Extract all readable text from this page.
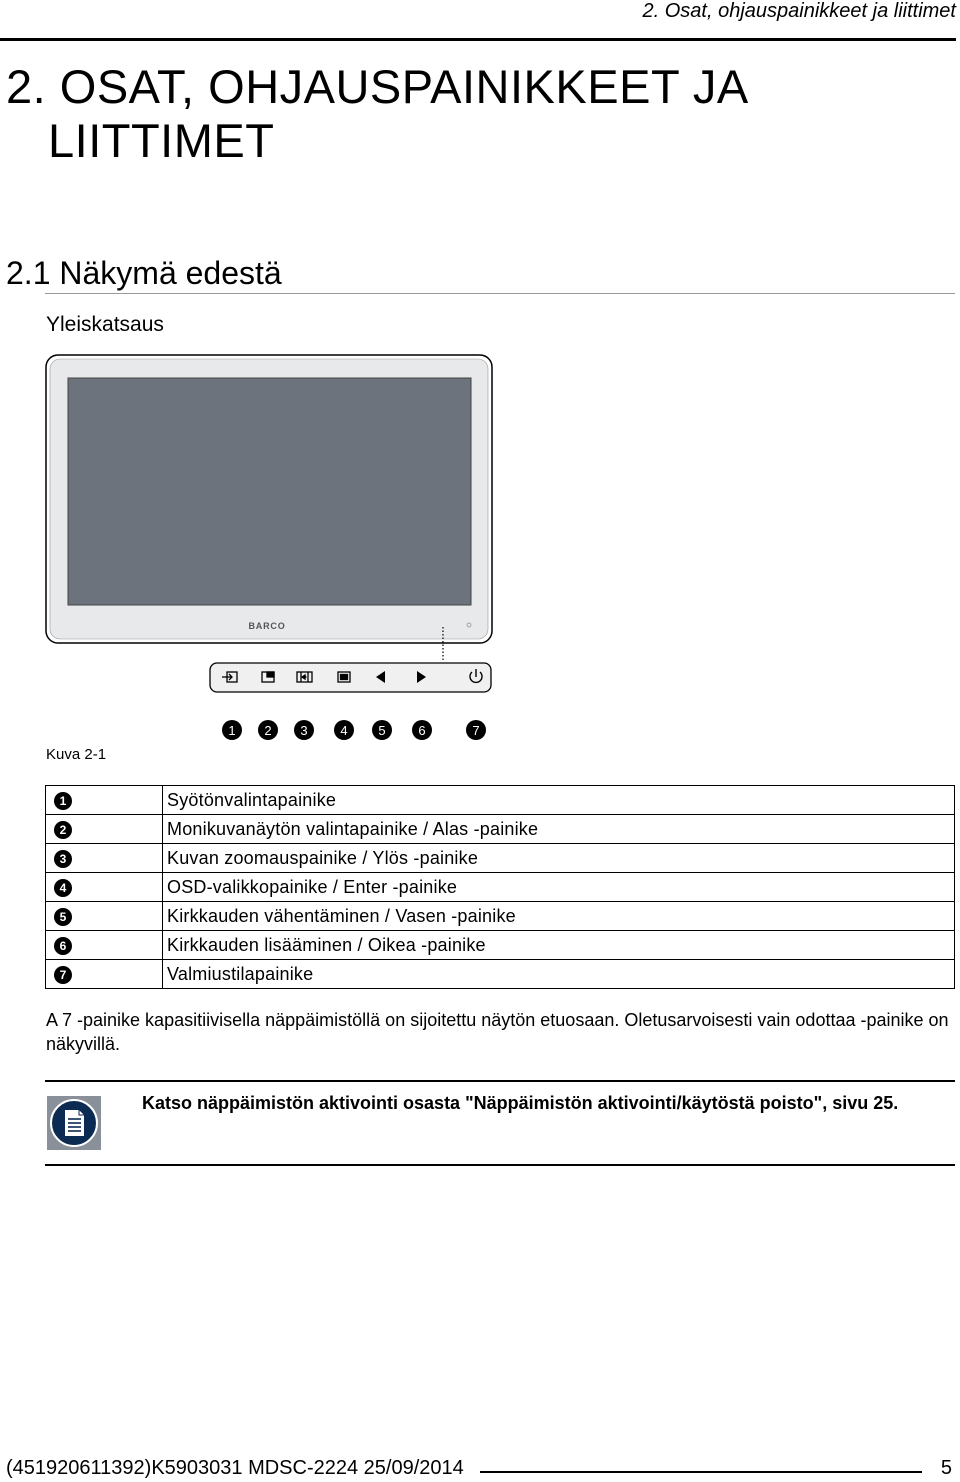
2. Osat, ohjauspainikkeet ja liittimet
2. OSAT, OHJAUSPAINIKKEET JA
LIITTIMET
2.1 Näkymä edestä
Yleiskatsaus
BARCO
1 2 3	4 5	6	7
Kuva 2-1
1	Syötönvalintapainike
2	Monikuvanäytön valintapainike / Alas -painike
3	Kuvan zoomauspainike / Ylös -painike
4	OSD-valikkopainike / Enter -painike
5	Kirkkauden vähentäminen / Vasen -painike
6	Kirkkauden lisääminen / Oikea -painike
7	Valmiustilapainike
A 7 -painike kapasitiivisella näppäimistöllä on sijoitettu näytön etuosaan. Oletusarvoisesti vain odottaa -painike on näkyvillä.
Katso näppäimistön aktivointi osasta "Näppäimistön aktivointi/käytöstä poisto", sivu 25.
(451920611392)K5903031 MDSC-2224 25/09/2014	5
